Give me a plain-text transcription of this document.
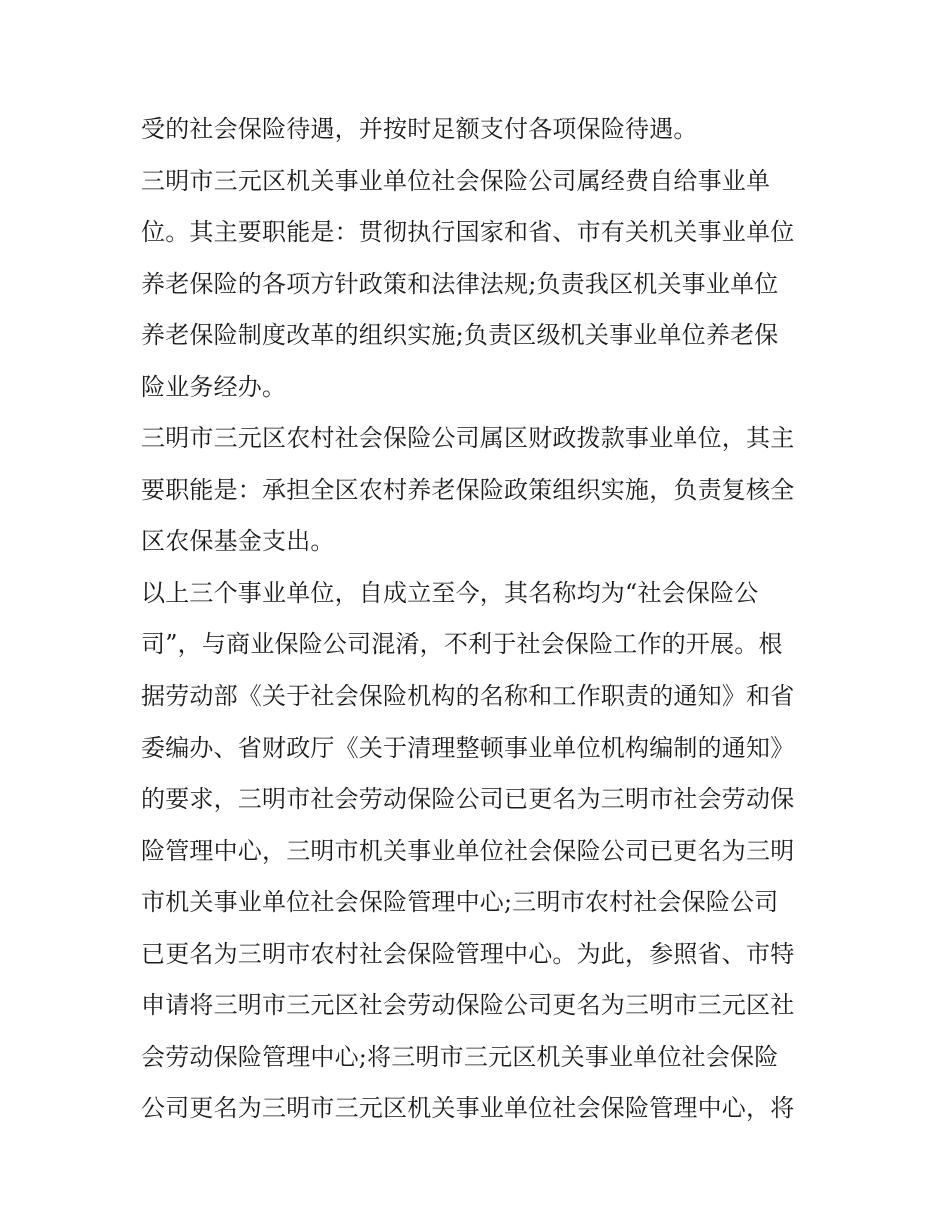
受的社会保险待遇，并按时足额支付各项保险待遇。
三明市三元区机关事业单位社会保险公司属经费自给事业单
位。其主要职能是：贯彻执行国家和省、市有关机关事业单位
养老保险的各项方针政策和法律法规;负责我区机关事业单位
养老保险制度改革的组织实施;负责区级机关事业单位养老保
险业务经办。
三明市三元区农村社会保险公司属区财政拨款事业单位，其主
要职能是：承担全区农村养老保险政策组织实施，负责复核全
区农保基金支出。
以上三个事业单位，自成立至今，其名称均为“社会保险公
司”，与商业保险公司混淆，不利于社会保险工作的开展。根
据劳动部《关于社会保险机构的名称和工作职责的通知》和省
委编办、省财政厅《关于清理整顿事业单位机构编制的通知》
的要求，三明市社会劳动保险公司已更名为三明市社会劳动保
险管理中心，三明市机关事业单位社会保险公司已更名为三明
市机关事业单位社会保险管理中心;三明市农村社会保险公司
已更名为三明市农村社会保险管理中心。为此，参照省、市特
申请将三明市三元区社会劳动保险公司更名为三明市三元区社
会劳动保险管理中心;将三明市三元区机关事业单位社会保险
公司更名为三明市三元区机关事业单位社会保险管理中心，将
